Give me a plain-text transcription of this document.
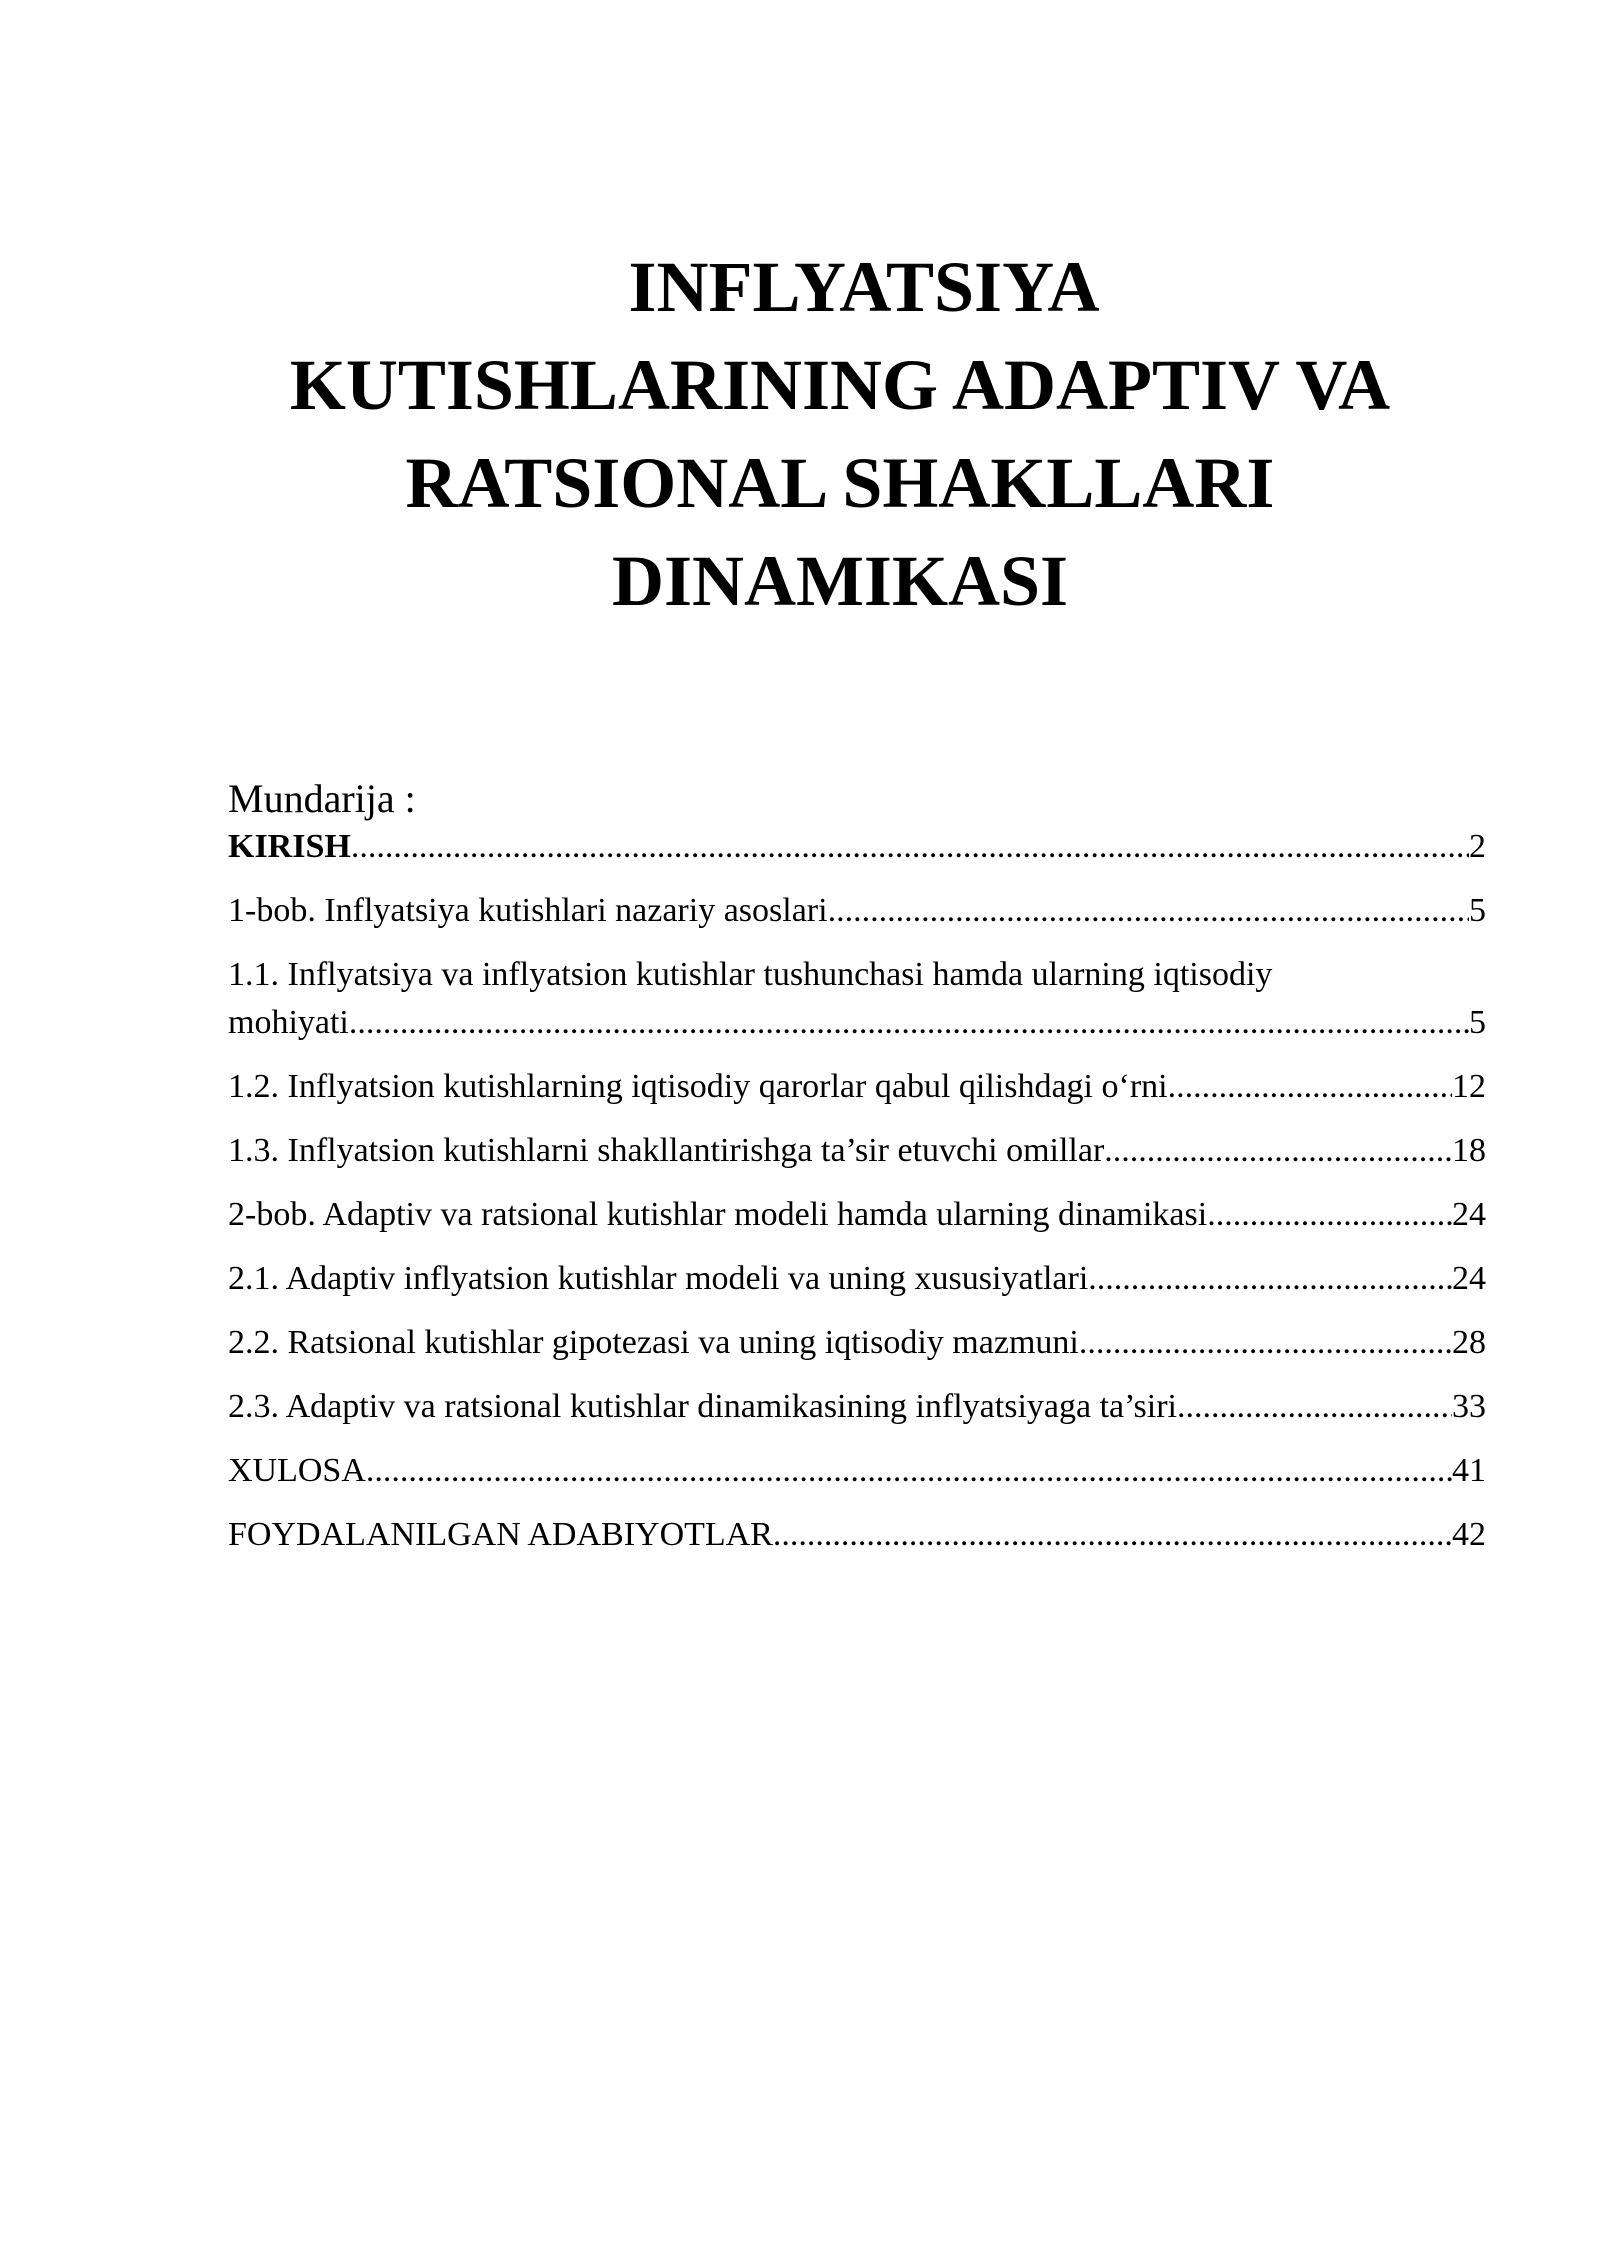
INFLYATSIYA
KUTISHLARINING ADAPTIV VA
RATSIONAL SHAKLLARI
DINAMIKASI

Mundarija :

KIRISH .....	2
1-bob. Inflyatsiya kutishlari nazariy asoslari .....	5
1.1. Inflyatsiya va inflyatsion kutishlar tushunchasi hamda ularning iqtisodiy
mohiyati .....	5
1.2. Inflyatsion kutishlarning iqtisodiy qarorlar qabul qilishdagi o‘rni .....	12
1.3. Inflyatsion kutishlarni shakllantirishga ta’sir etuvchi omillar .....	18
2-bob. Adaptiv va ratsional kutishlar modeli hamda ularning dinamikasi .....	24
2.1. Adaptiv inflyatsion kutishlar modeli va uning xususiyatlari .....	24
2.2. Ratsional kutishlar gipotezasi va uning iqtisodiy mazmuni .....	28
2.3. Adaptiv va ratsional kutishlar dinamikasining inflyatsiyaga ta’siri .....	33
XULOSA .....	41
FOYDALANILGAN ADABIYOTLAR .....	42
